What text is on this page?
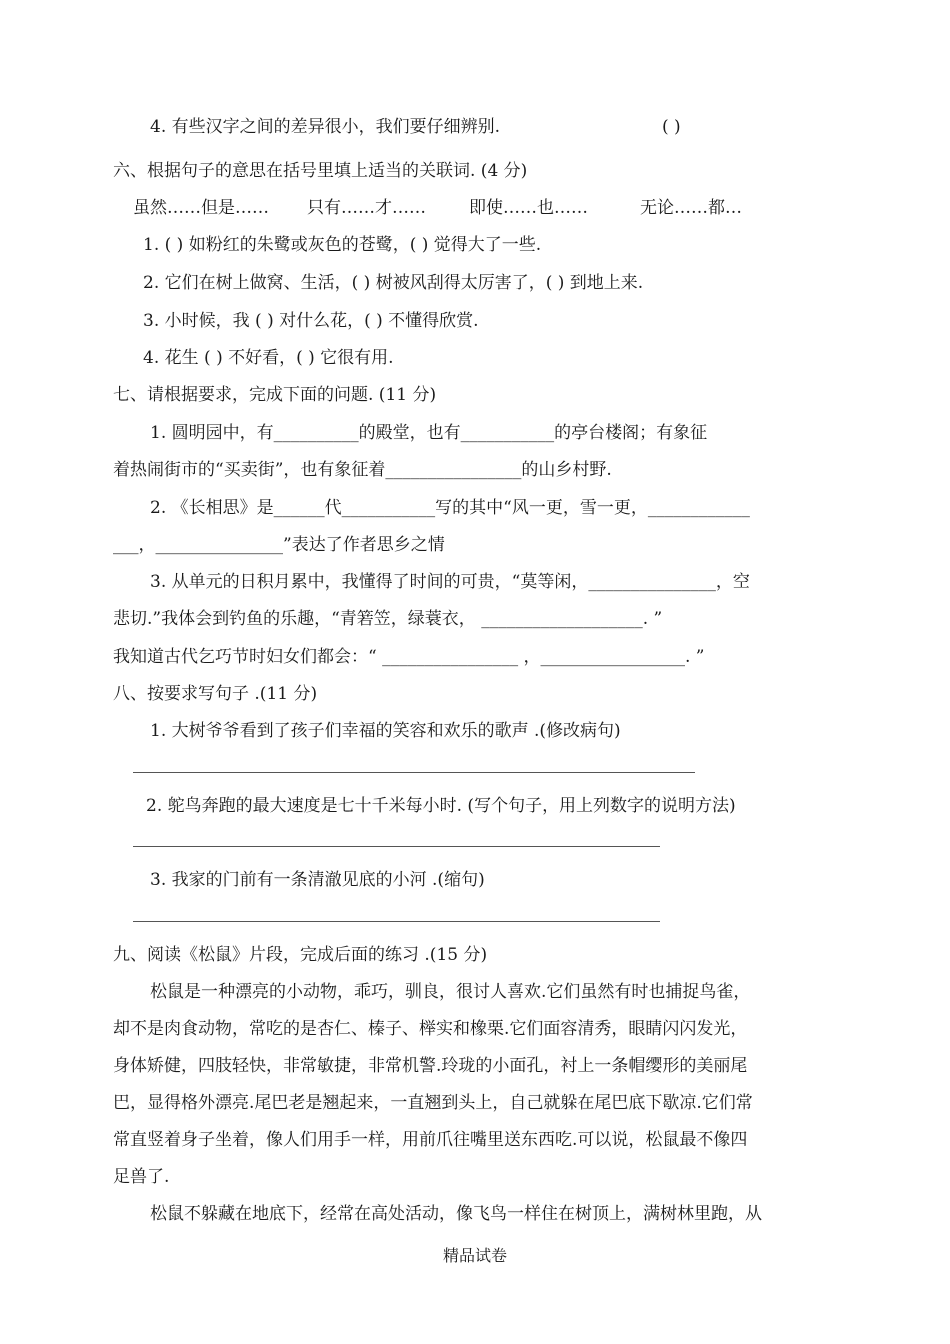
4. 有些汉字之间的差异很小，我们要仔细辨别.	( )
六、根据句子的意思在括号里填上适当的关联词. (4 分)
虽然……但是…… 只有……才……	即使……也……	无论……都…
1. ( ) 如粉红的朱鹭或灰色的苍鹭，( ) 觉得大了一些.
2. 它们在树上做窝、生活，( ) 树被风刮得太厉害了，( ) 到地上来.
3. 小时候，我 ( ) 对什么花，( ) 不懂得欣赏.
4. 花生 ( ) 不好看，( ) 它很有用.
七、请根据要求，完成下面的问题. (11 分)
1. 圆明园中，有__________的殿堂，也有___________的亭台楼阁；有象征
着热闹街市的“买卖街”，也有象征着________________的山乡村野.
2. 《长相思》是______代___________写的其中“风一更，雪一更，____________
___，_______________”表达了作者思乡之情
3. 从单元的日积月累中，我懂得了时间的可贵，“莫等闲，_______________，空
悲切.”我体会到钓鱼的乐趣，“青箬笠，绿蓑衣， ___________________. ”
我知道古代乞巧节时妇女们都会：“ ________________ ，_________________. ”
八、按要求写句子 .(11 分)
1. 大树爷爷看到了孩子们幸福的笑容和欢乐的歌声 .(修改病句)
2. 鸵鸟奔跑的最大速度是七十千米每小时. (写个句子，用上列数字的说明方法)
3. 我家的门前有一条清澈见底的小河 .(缩句)
九、阅读《松鼠》片段，完成后面的练习 .(15 分)
松鼠是一种漂亮的小动物，乖巧，驯良，很讨人喜欢.它们虽然有时也捕捉鸟雀，
却不是肉食动物，常吃的是杏仁、榛子、榉实和橡栗.它们面容清秀，眼睛闪闪发光，
身体矫健，四肢轻快，非常敏捷，非常机警.玲珑的小面孔，衬上一条帽缨形的美丽尾
巴，显得格外漂亮.尾巴老是翘起来，一直翘到头上，自己就躲在尾巴底下歇凉.它们常
常直竖着身子坐着，像人们用手一样，用前爪往嘴里送东西吃.可以说，松鼠最不像四
足兽了.
松鼠不躲藏在地底下，经常在高处活动，像飞鸟一样住在树顶上，满树林里跑，从
精品试卷
